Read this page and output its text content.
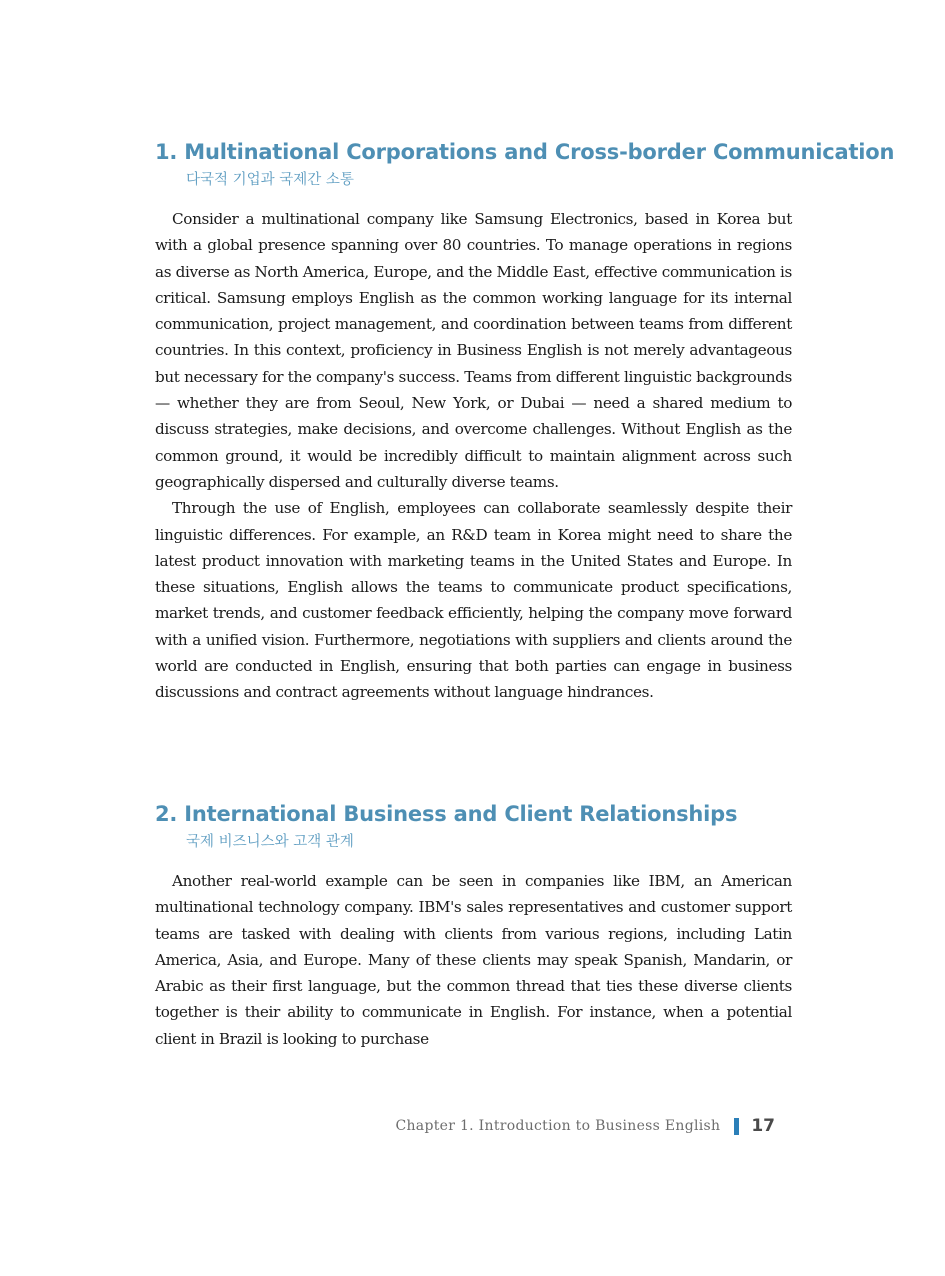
1. Multinational Corporations and Cross-border Communication
다국적 기업과 국제간 소통

Consider a multinational company like Samsung Electronics, based in Korea but with a global presence spanning over 80 countries. To manage operations in regions as diverse as North America, Europe, and the Middle East, effective communication is critical. Samsung employs English as the common working language for its internal communication, project management, and coordination between teams from different countries. In this context, proficiency in Business English is not merely advantageous but necessary for the company's success. Teams from different linguistic backgrounds — whether they are from Seoul, New York, or Dubai — need a shared medium to discuss strategies, make decisions, and overcome challenges. Without English as the common ground, it would be incredibly difficult to maintain alignment across such geographically dispersed and culturally diverse teams.

Through the use of English, employees can collaborate seamlessly despite their linguistic differences. For example, an R&D team in Korea might need to share the latest product innovation with marketing teams in the United States and Europe. In these situations, English allows the teams to communicate product specifications, market trends, and customer feedback efficiently, helping the company move forward with a unified vision. Furthermore, negotiations with suppliers and clients around the world are conducted in English, ensuring that both parties can engage in business discussions and contract agreements without language hindrances.

2. International Business and Client Relationships
국제 비즈니스와 고객 관계

Another real-world example can be seen in companies like IBM, an American multinational technology company. IBM's sales representatives and customer support teams are tasked with dealing with clients from various regions, including Latin America, Asia, and Europe. Many of these clients may speak Spanish, Mandarin, or Arabic as their first language, but the common thread that ties these diverse clients together is their ability to communicate in English. For instance, when a potential client in Brazil is looking to purchase

Chapter 1. Introduction to Business English 17
